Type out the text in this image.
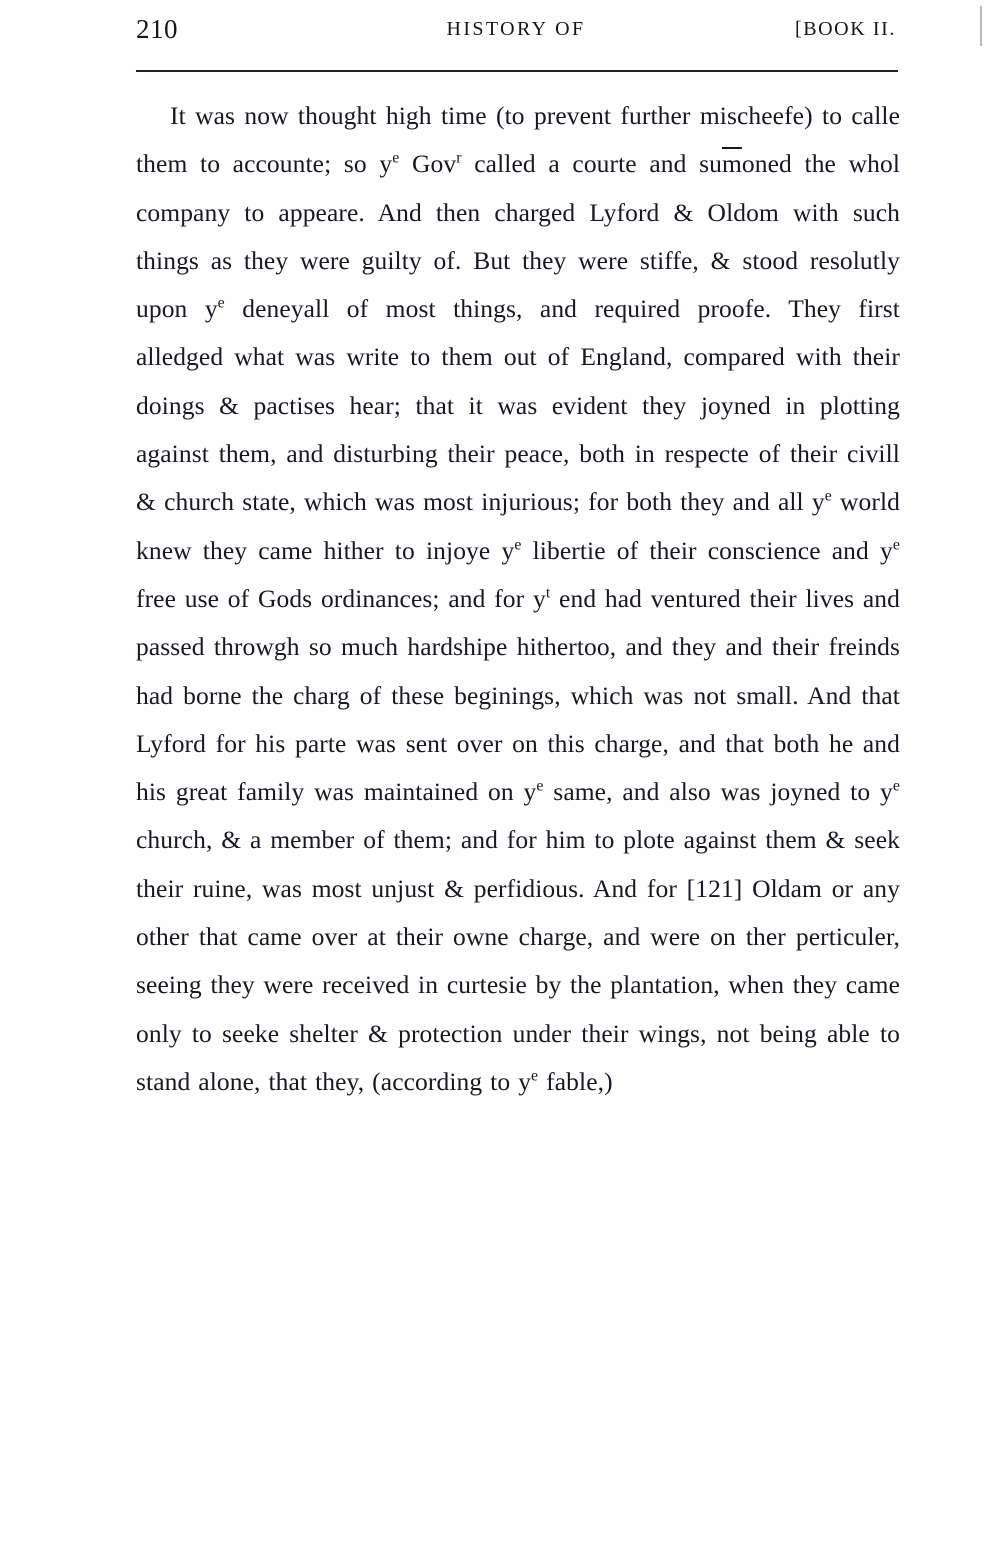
210	HISTORY OF	[BOOK II.

It was now thought high time (to prevent further mischeefe) to calle them to accounte; so $y^e$ Gov$^r$ called a courte and $su\overline{m}oned$ the whol company to appeare. And then charged Lyford & Oldom with such things as they were guilty of. But they were stiffe, & stood resolutly upon $y^e$ deneyall of most things, and required proofe. They first alledged what was write to them out of England, compared with their doings & pactises hear; that it was evident they joyned in plotting against them, and disturbing their peace, both in respecte of their civill & church state, which was most injurious; for both they and all $y^e$ world knew they came hither to injoye $y^e$ libertie of their conscience and $y^e$ free use of Gods ordinances; and for $y^t$ end had ventured their lives and passed throwgh so much hardshipe hithertoo, and they and their freinds had borne the charg of these beginings, which was not small. And that Lyford for his parte was sent over on this charge, and that both he and his great family was maintained on $y^e$ same, and also was joyned to $y^e$ church, & a member of them; and for him to plote against them & seek their ruine, was most unjust & perfidious. And for [121] Oldam or any other that came over at their owne charge, and were on ther perticuler, seeing they were received in curtesie by the plantation, when they came only to seeke shelter & protection under their wings, not being able to stand alone, that they, (according to $y^e$ fable,)
